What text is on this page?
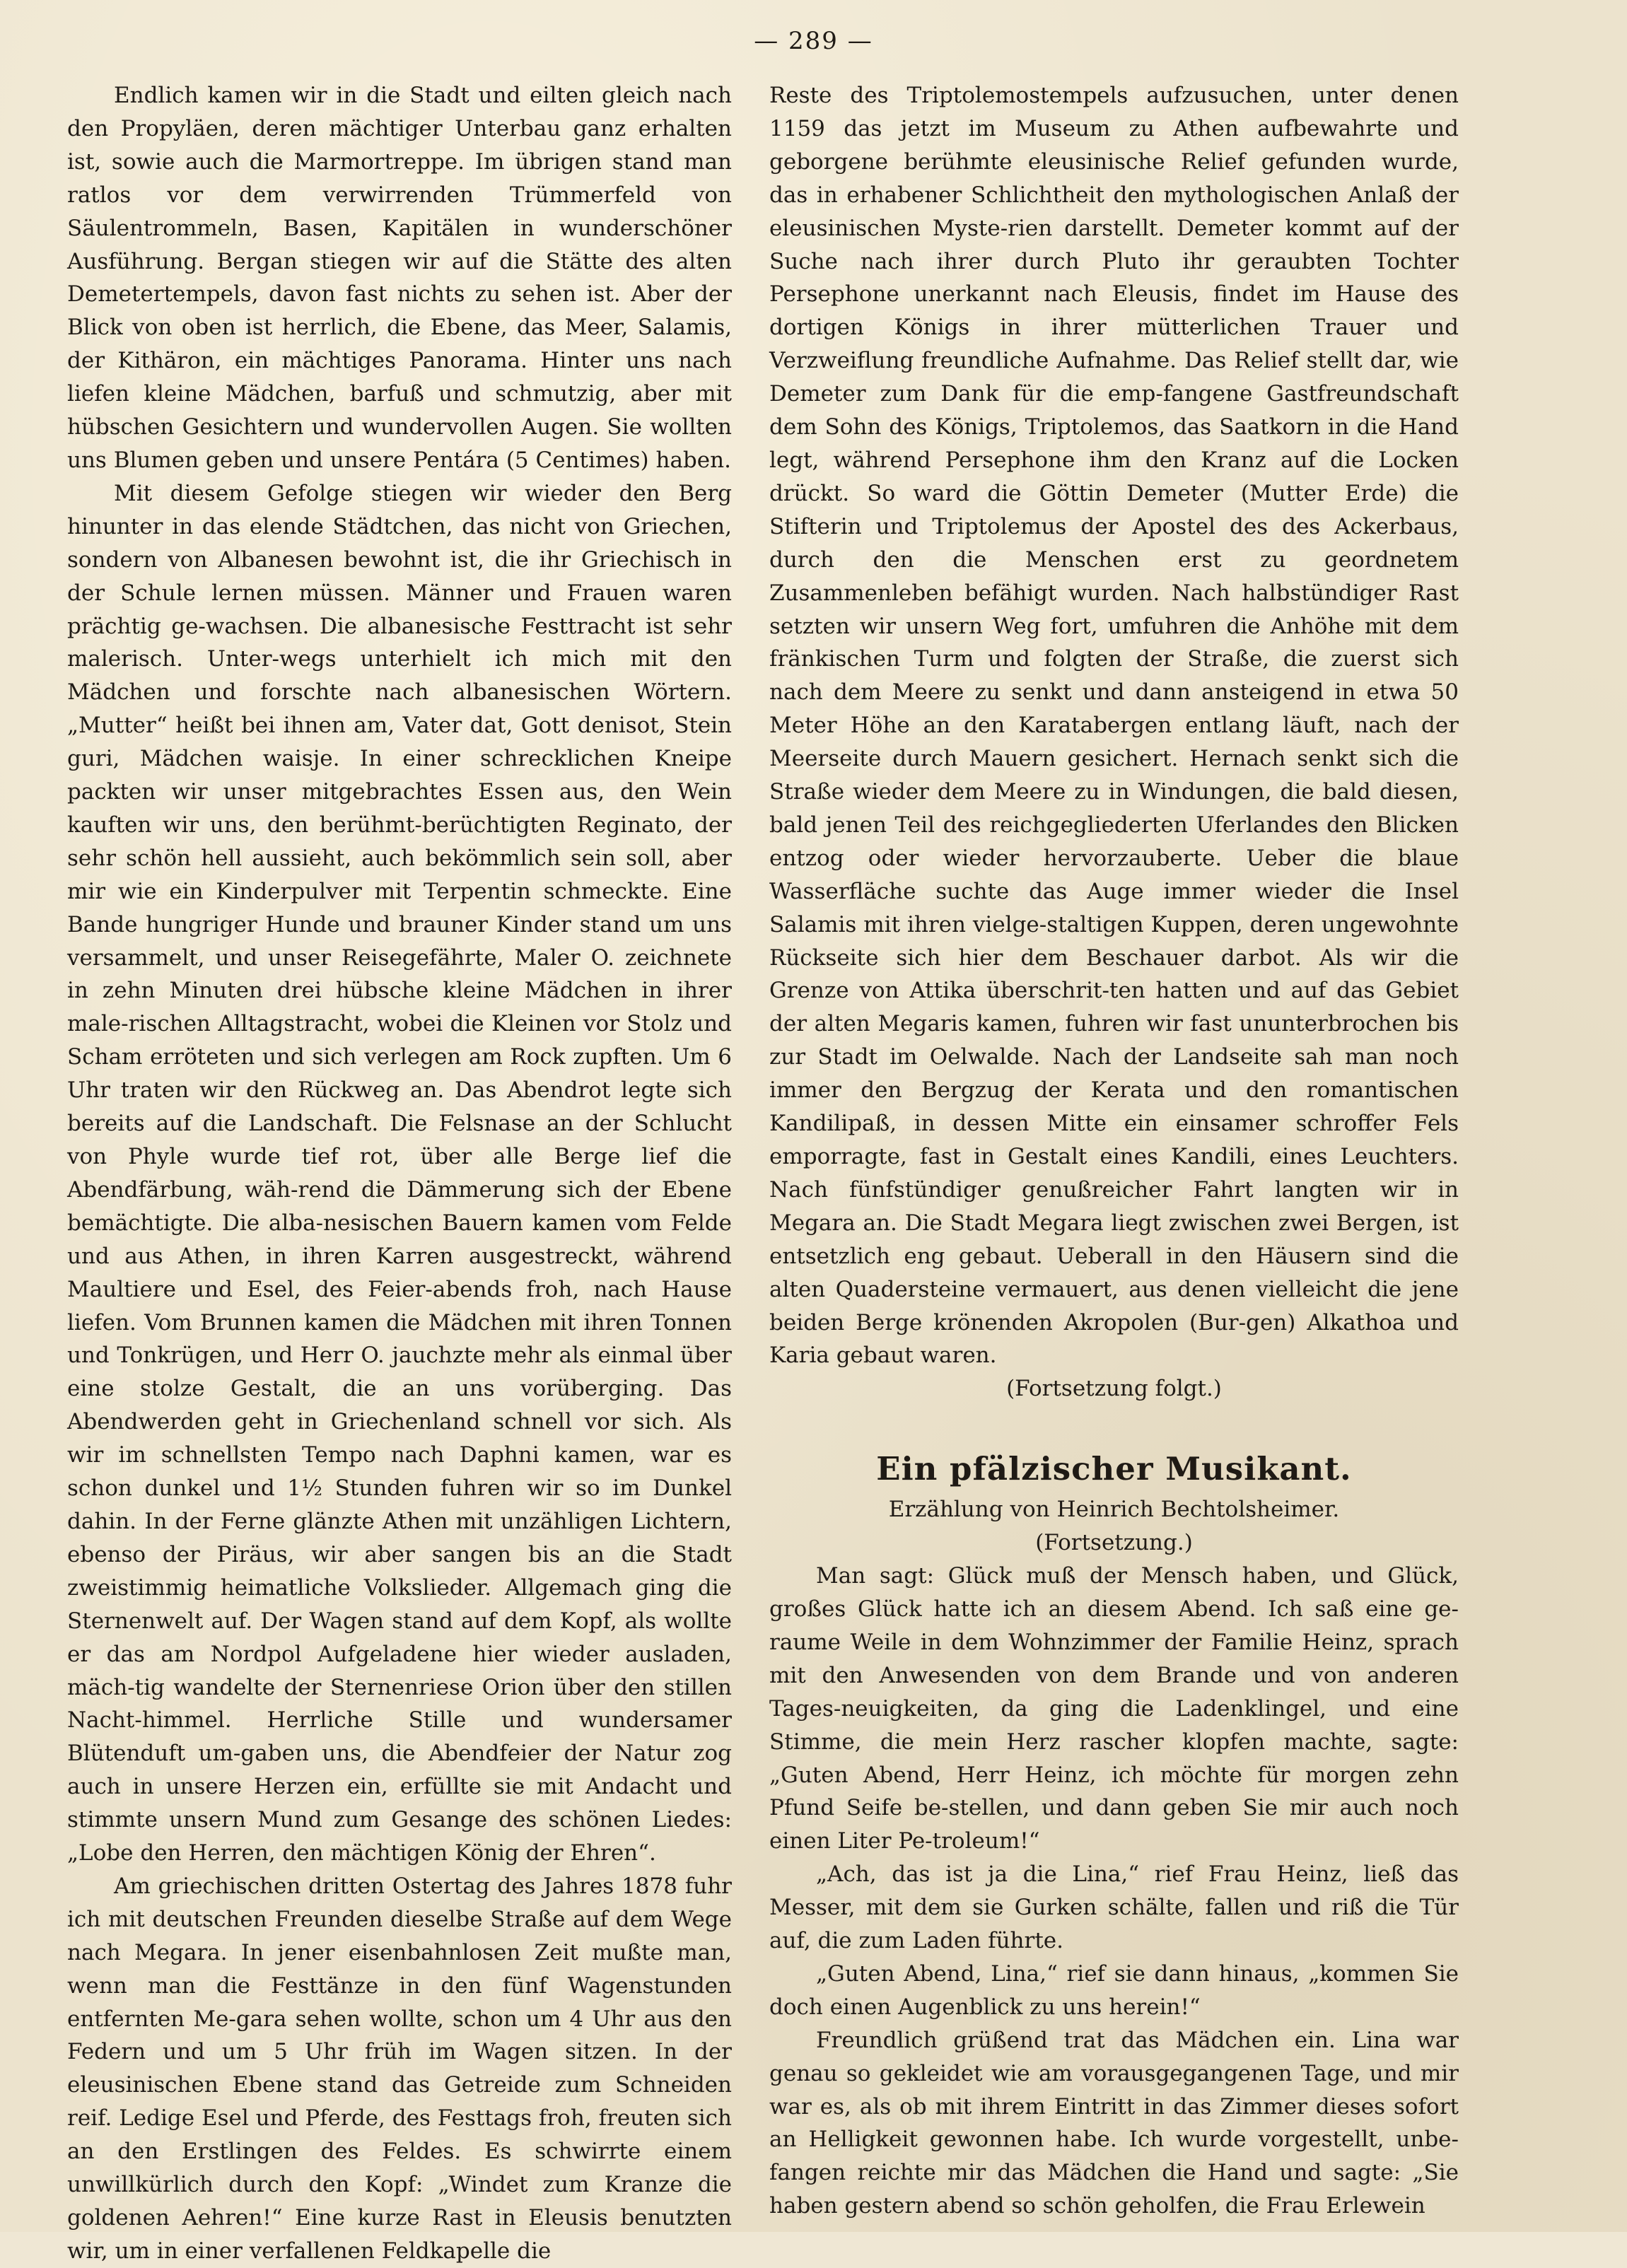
— 289 —

Endlich kamen wir in die Stadt und eilten gleich nach den Propyläen, deren mächtiger Unterbau ganz erhalten ist, sowie auch die Marmortreppe. Im übrigen stand man ratlos vor dem verwirrenden Trümmerfeld von Säulentrommeln, Basen, Kapitälen in wunderschöner Ausführung. Bergan stiegen wir auf die Stätte des alten Demetertempels, davon fast nichts zu sehen ist. Aber der Blick von oben ist herrlich, die Ebene, das Meer, Salamis, der Kithäron, ein mächtiges Panorama. Hinter uns nach liefen kleine Mädchen, barfuß und schmutzig, aber mit hübschen Gesichtern und wundervollen Augen. Sie wollten uns Blumen geben und unsere Pentára (5 Centimes) haben.

Mit diesem Gefolge stiegen wir wieder den Berg hinunter in das elende Städtchen, das nicht von Griechen, sondern von Albanesen bewohnt ist, die ihr Griechisch in der Schule lernen müssen. Männer und Frauen waren prächtig ge-wachsen. Die albanesische Festtracht ist sehr malerisch. Unter-wegs unterhielt ich mich mit den Mädchen und forschte nach albanesischen Wörtern. „Mutter“ heißt bei ihnen am, Vater dat, Gott denisot, Stein guri, Mädchen waisje. In einer schrecklichen Kneipe packten wir unser mitgebrachtes Essen aus, den Wein kauften wir uns, den berühmt-berüchtigten Reginato, der sehr schön hell aussieht, auch bekömmlich sein soll, aber mir wie ein Kinderpulver mit Terpentin schmeckte. Eine Bande hungriger Hunde und brauner Kinder stand um uns versammelt, und unser Reisegefährte, Maler O. zeichnete in zehn Minuten drei hübsche kleine Mädchen in ihrer male-rischen Alltagstracht, wobei die Kleinen vor Stolz und Scham erröteten und sich verlegen am Rock zupften. Um 6 Uhr traten wir den Rückweg an. Das Abendrot legte sich bereits auf die Landschaft. Die Felsnase an der Schlucht von Phyle wurde tief rot, über alle Berge lief die Abendfärbung, wäh-rend die Dämmerung sich der Ebene bemächtigte. Die alba-nesischen Bauern kamen vom Felde und aus Athen, in ihren Karren ausgestreckt, während Maultiere und Esel, des Feier-abends froh, nach Hause liefen. Vom Brunnen kamen die Mädchen mit ihren Tonnen und Tonkrügen, und Herr O. jauchzte mehr als einmal über eine stolze Gestalt, die an uns vorüberging. Das Abendwerden geht in Griechenland schnell vor sich. Als wir im schnellsten Tempo nach Daphni kamen, war es schon dunkel und 1½ Stunden fuhren wir so im Dunkel dahin. In der Ferne glänzte Athen mit unzähligen Lichtern, ebenso der Piräus, wir aber sangen bis an die Stadt zweistimmig heimatliche Volkslieder. Allgemach ging die Sternenwelt auf. Der Wagen stand auf dem Kopf, als wollte er das am Nordpol Aufgeladene hier wieder ausladen, mäch-tig wandelte der Sternenriese Orion über den stillen Nacht-himmel. Herrliche Stille und wundersamer Blütenduft um-gaben uns, die Abendfeier der Natur zog auch in unsere Herzen ein, erfüllte sie mit Andacht und stimmte unsern Mund zum Gesange des schönen Liedes: „Lobe den Herren, den mächtigen König der Ehren“.

Am griechischen dritten Ostertag des Jahres 1878 fuhr ich mit deutschen Freunden dieselbe Straße auf dem Wege nach Megara. In jener eisenbahnlosen Zeit mußte man, wenn man die Festtänze in den fünf Wagenstunden entfernten Me-gara sehen wollte, schon um 4 Uhr aus den Federn und um 5 Uhr früh im Wagen sitzen. In der eleusinischen Ebene stand das Getreide zum Schneiden reif. Ledige Esel und Pferde, des Festtags froh, freuten sich an den Erstlingen des Feldes. Es schwirrte einem unwillkürlich durch den Kopf: „Windet zum Kranze die goldenen Aehren!“ Eine kurze Rast in Eleusis benutzten wir, um in einer verfallenen Feldkapelle die

Reste des Triptolemostempels aufzusuchen, unter denen 1159 das jetzt im Museum zu Athen aufbewahrte und geborgene berühmte eleusinische Relief gefunden wurde, das in erhabener Schlichtheit den mythologischen Anlaß der eleusinischen Myste-rien darstellt. Demeter kommt auf der Suche nach ihrer durch Pluto ihr geraubten Tochter Persephone unerkannt nach Eleusis, findet im Hause des dortigen Königs in ihrer mütterlichen Trauer und Verzweiflung freundliche Aufnahme. Das Relief stellt dar, wie Demeter zum Dank für die emp-fangene Gastfreundschaft dem Sohn des Königs, Triptolemos, das Saatkorn in die Hand legt, während Persephone ihm den Kranz auf die Locken drückt. So ward die Göttin Demeter (Mutter Erde) die Stifterin und Triptolemus der Apostel des des Ackerbaus, durch den die Menschen erst zu geordnetem Zusammenleben befähigt wurden. Nach halbstündiger Rast setzten wir unsern Weg fort, umfuhren die Anhöhe mit dem fränkischen Turm und folgten der Straße, die zuerst sich nach dem Meere zu senkt und dann ansteigend in etwa 50 Meter Höhe an den Karatabergen entlang läuft, nach der Meerseite durch Mauern gesichert. Hernach senkt sich die Straße wieder dem Meere zu in Windungen, die bald diesen, bald jenen Teil des reichgegliederten Uferlandes den Blicken entzog oder wieder hervorzauberte. Ueber die blaue Wasserfläche suchte das Auge immer wieder die Insel Salamis mit ihren vielge-staltigen Kuppen, deren ungewohnte Rückseite sich hier dem Beschauer darbot. Als wir die Grenze von Attika überschrit-ten hatten und auf das Gebiet der alten Megaris kamen, fuhren wir fast ununterbrochen bis zur Stadt im Oelwalde. Nach der Landseite sah man noch immer den Bergzug der Kerata und den romantischen Kandilipaß, in dessen Mitte ein einsamer schroffer Fels emporragte, fast in Gestalt eines Kandili, eines Leuchters. Nach fünfstündiger genußreicher Fahrt langten wir in Megara an. Die Stadt Megara liegt zwischen zwei Bergen, ist entsetzlich eng gebaut. Ueberall in den Häusern sind die alten Quadersteine vermauert, aus denen vielleicht die jene beiden Berge krönenden Akropolen (Bur-gen) Alkathoa und Karia gebaut waren.

(Fortsetzung folgt.)

Ein pfälzischer Musikant.

Erzählung von Heinrich Bechtolsheimer.

(Fortsetzung.)

Man sagt: Glück muß der Mensch haben, und Glück, großes Glück hatte ich an diesem Abend. Ich saß eine ge-raume Weile in dem Wohnzimmer der Familie Heinz, sprach mit den Anwesenden von dem Brande und von anderen Tages-neuigkeiten, da ging die Ladenklingel, und eine Stimme, die mein Herz rascher klopfen machte, sagte: „Guten Abend, Herr Heinz, ich möchte für morgen zehn Pfund Seife be-stellen, und dann geben Sie mir auch noch einen Liter Pe-troleum!“

„Ach, das ist ja die Lina,“ rief Frau Heinz, ließ das Messer, mit dem sie Gurken schälte, fallen und riß die Tür auf, die zum Laden führte.

„Guten Abend, Lina,“ rief sie dann hinaus, „kommen Sie doch einen Augenblick zu uns herein!“

Freundlich grüßend trat das Mädchen ein. Lina war genau so gekleidet wie am vorausgegangenen Tage, und mir war es, als ob mit ihrem Eintritt in das Zimmer dieses sofort an Helligkeit gewonnen habe. Ich wurde vorgestellt, unbe-fangen reichte mir das Mädchen die Hand und sagte: „Sie haben gestern abend so schön geholfen, die Frau Erlewein
